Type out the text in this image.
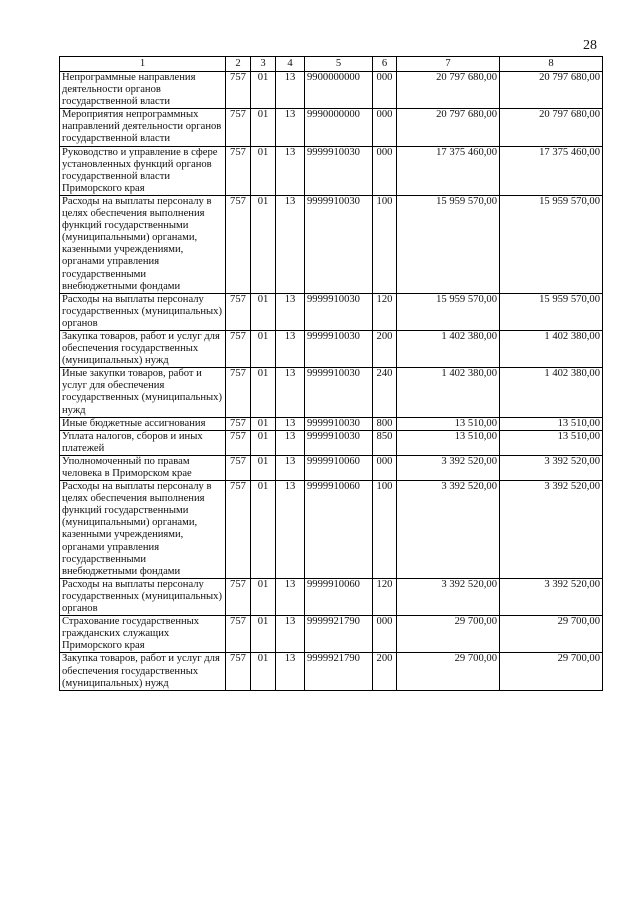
28
1	2	3	4	5	6	7	8
Непрограммные направления деятельности органов государственной власти	757	01	13	9900000000	000	20 797 680,00	20 797 680,00
Мероприятия непрограммных направлений деятельности органов государственной власти	757	01	13	9990000000	000	20 797 680,00	20 797 680,00
Руководство и управление в сфере установленных функций органов государственной власти Приморского края	757	01	13	9999910030	000	17 375 460,00	17 375 460,00
Расходы на выплаты персоналу в целях обеспечения выполнения функций государственными (муниципальными) органами, казенными учреждениями, органами управления государственными внебюджетными фондами	757	01	13	9999910030	100	15 959 570,00	15 959 570,00
Расходы на выплаты персоналу государственных (муниципальных) органов	757	01	13	9999910030	120	15 959 570,00	15 959 570,00
Закупка товаров, работ и услуг для обеспечения государственных (муниципальных) нужд	757	01	13	9999910030	200	1 402 380,00	1 402 380,00
Иные закупки товаров, работ и услуг для обеспечения государственных (муниципальных) нужд	757	01	13	9999910030	240	1 402 380,00	1 402 380,00
Иные бюджетные ассигнования	757	01	13	9999910030	800	13 510,00	13 510,00
Уплата налогов, сборов и иных платежей	757	01	13	9999910030	850	13 510,00	13 510,00
Уполномоченный по правам человека в Приморском крае	757	01	13	9999910060	000	3 392 520,00	3 392 520,00
Расходы на выплаты персоналу в целях обеспечения выполнения функций государственными (муниципальными) органами, казенными учреждениями, органами управления государственными внебюджетными фондами	757	01	13	9999910060	100	3 392 520,00	3 392 520,00
Расходы на выплаты персоналу государственных (муниципальных) органов	757	01	13	9999910060	120	3 392 520,00	3 392 520,00
Страхование государственных гражданских служащих Приморского края	757	01	13	9999921790	000	29 700,00	29 700,00
Закупка товаров, работ и услуг для обеспечения государственных (муниципальных) нужд	757	01	13	9999921790	200	29 700,00	29 700,00
